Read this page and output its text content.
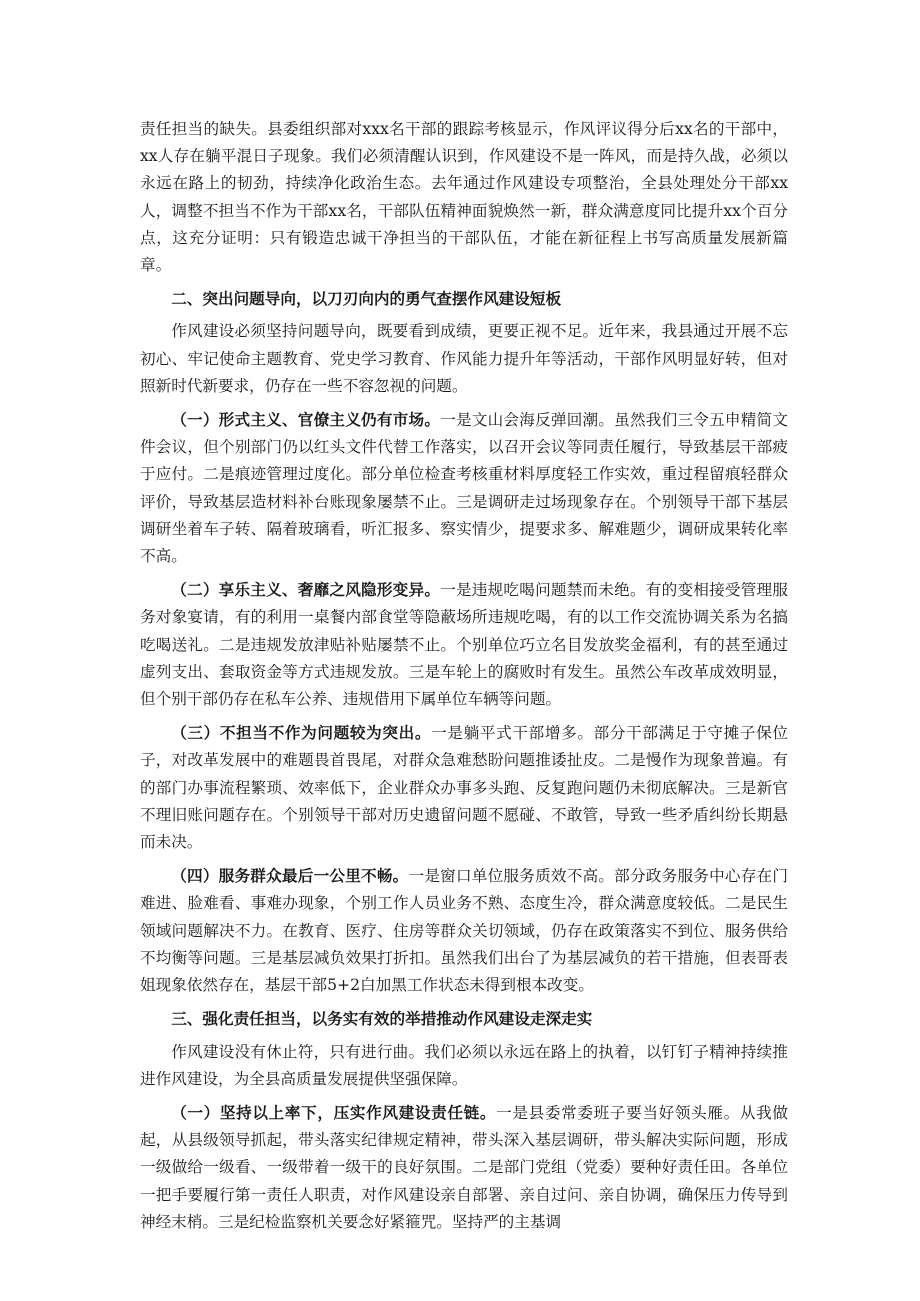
责任担当的缺失。县委组织部对xxx名干部的跟踪考核显示，作风评议得分后xx名的干部中，xx人存在躺平混日子现象。我们必须清醒认识到，作风建设不是一阵风，而是持久战，必须以永远在路上的韧劲，持续净化政治生态。去年通过作风建设专项整治，全县处理处分干部xx人，调整不担当不作为干部xx名，干部队伍精神面貌焕然一新，群众满意度同比提升xx个百分点，这充分证明：只有锻造忠诚干净担当的干部队伍，才能在新征程上书写高质量发展新篇章。

二、突出问题导向，以刀刃向内的勇气查摆作风建设短板

作风建设必须坚持问题导向，既要看到成绩，更要正视不足。近年来，我县通过开展不忘初心、牢记使命主题教育、党史学习教育、作风能力提升年等活动，干部作风明显好转，但对照新时代新要求，仍存在一些不容忽视的问题。

（一）形式主义、官僚主义仍有市场。一是文山会海反弹回潮。虽然我们三令五申精简文件会议，但个别部门仍以红头文件代替工作落实，以召开会议等同责任履行，导致基层干部疲于应付。二是痕迹管理过度化。部分单位检查考核重材料厚度轻工作实效，重过程留痕轻群众评价，导致基层造材料补台账现象屡禁不止。三是调研走过场现象存在。个别领导干部下基层调研坐着车子转、隔着玻璃看，听汇报多、察实情少，提要求多、解难题少，调研成果转化率不高。

（二）享乐主义、奢靡之风隐形变异。一是违规吃喝问题禁而未绝。有的变相接受管理服务对象宴请，有的利用一桌餐内部食堂等隐蔽场所违规吃喝，有的以工作交流协调关系为名搞吃喝送礼。二是违规发放津贴补贴屡禁不止。个别单位巧立名目发放奖金福利，有的甚至通过虚列支出、套取资金等方式违规发放。三是车轮上的腐败时有发生。虽然公车改革成效明显，但个别干部仍存在私车公养、违规借用下属单位车辆等问题。

（三）不担当不作为问题较为突出。一是躺平式干部增多。部分干部满足于守摊子保位子，对改革发展中的难题畏首畏尾，对群众急难愁盼问题推诿扯皮。二是慢作为现象普遍。有的部门办事流程繁琐、效率低下，企业群众办事多头跑、反复跑问题仍未彻底解决。三是新官不理旧账问题存在。个别领导干部对历史遗留问题不愿碰、不敢管，导致一些矛盾纠纷长期悬而未决。

（四）服务群众最后一公里不畅。一是窗口单位服务质效不高。部分政务服务中心存在门难进、脸难看、事难办现象，个别工作人员业务不熟、态度生冷，群众满意度较低。二是民生领域问题解决不力。在教育、医疗、住房等群众关切领域，仍存在政策落实不到位、服务供给不均衡等问题。三是基层减负效果打折扣。虽然我们出台了为基层减负的若干措施，但表哥表姐现象依然存在，基层干部5+2白加黑工作状态未得到根本改变。

三、强化责任担当，以务实有效的举措推动作风建设走深走实

作风建设没有休止符，只有进行曲。我们必须以永远在路上的执着，以钉钉子精神持续推进作风建设，为全县高质量发展提供坚强保障。

（一）坚持以上率下，压实作风建设责任链。一是县委常委班子要当好领头雁。从我做起，从县级领导抓起，带头落实纪律规定精神，带头深入基层调研，带头解决实际问题，形成一级做给一级看、一级带着一级干的良好氛围。二是部门党组（党委）要种好责任田。各单位一把手要履行第一责任人职责，对作风建设亲自部署、亲自过问、亲自协调，确保压力传导到神经末梢。三是纪检监察机关要念好紧箍咒。坚持严的主基调
